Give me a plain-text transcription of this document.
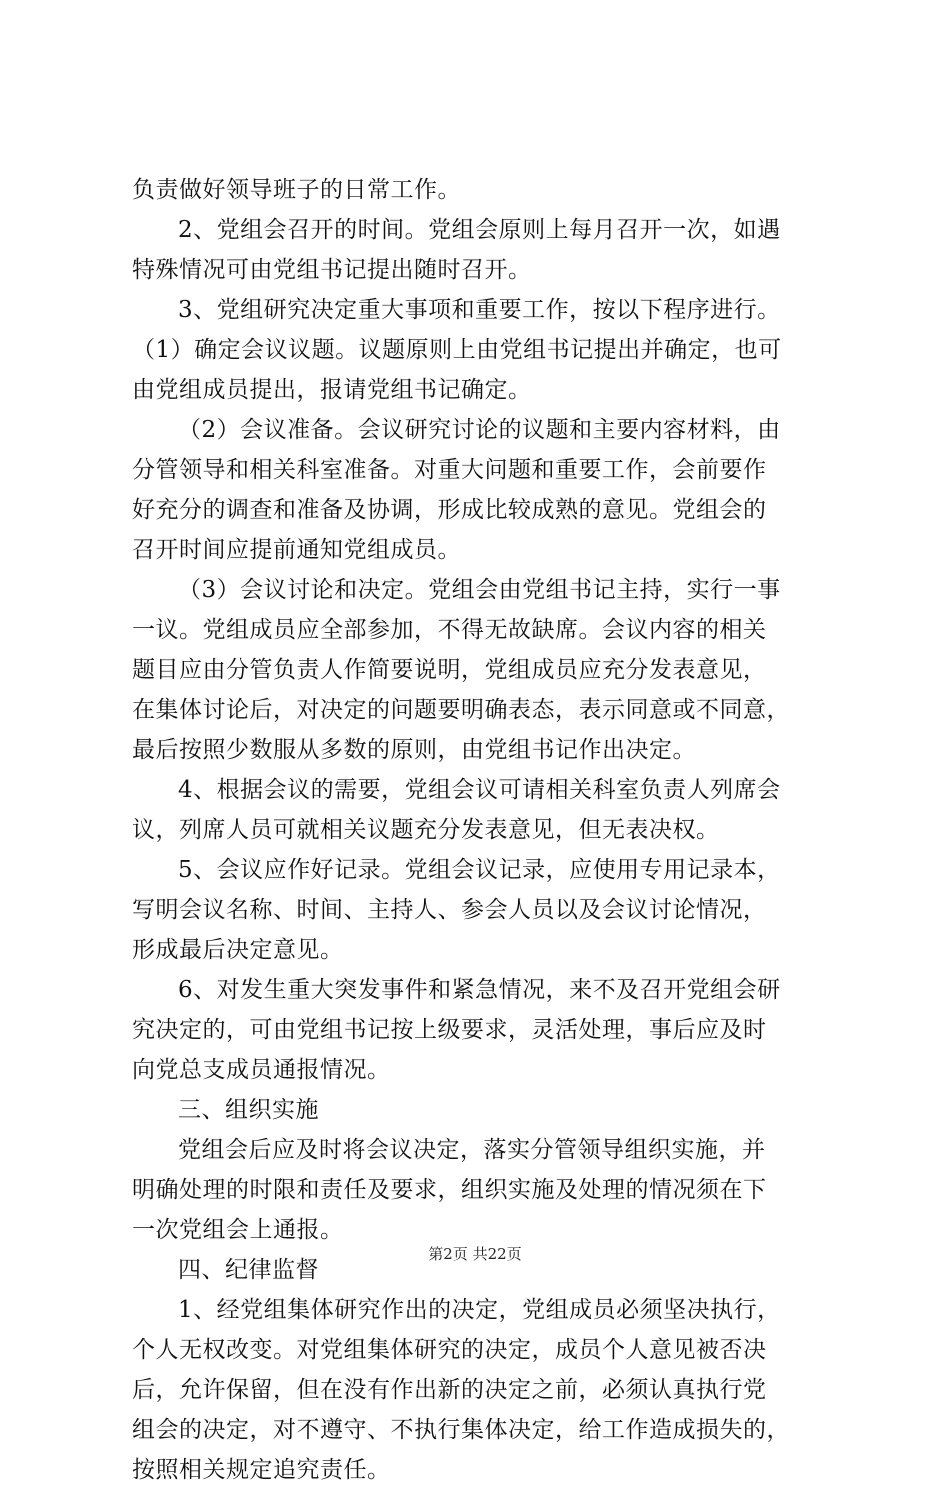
负责做好领导班子的日常工作。
2、党组会召开的时间。党组会原则上每月召开一次，如遇
特殊情况可由党组书记提出随时召开。
3、党组研究决定重大事项和重要工作，按以下程序进行。
（1）确定会议议题。议题原则上由党组书记提出并确定，也可
由党组成员提出，报请党组书记确定。
（2）会议准备。会议研究讨论的议题和主要内容材料，由
分管领导和相关科室准备。对重大问题和重要工作，会前要作
好充分的调查和准备及协调，形成比较成熟的意见。党组会的
召开时间应提前通知党组成员。
（3）会议讨论和决定。党组会由党组书记主持，实行一事
一议。党组成员应全部参加，不得无故缺席。会议内容的相关
题目应由分管负责人作简要说明，党组成员应充分发表意见，
在集体讨论后，对决定的问题要明确表态，表示同意或不同意，
最后按照少数服从多数的原则，由党组书记作出决定。
4、根据会议的需要，党组会议可请相关科室负责人列席会
议，列席人员可就相关议题充分发表意见，但无表决权。
5、会议应作好记录。党组会议记录，应使用专用记录本，
写明会议名称、时间、主持人、参会人员以及会议讨论情况，
形成最后决定意见。
6、对发生重大突发事件和紧急情况，来不及召开党组会研
究决定的，可由党组书记按上级要求，灵活处理，事后应及时
向党总支成员通报情况。
三、组织实施
党组会后应及时将会议决定，落实分管领导组织实施，并
明确处理的时限和责任及要求，组织实施及处理的情况须在下
一次党组会上通报。
四、纪律监督
1、经党组集体研究作出的决定，党组成员必须坚决执行，
个人无权改变。对党组集体研究的决定，成员个人意见被否决
后，允许保留，但在没有作出新的决定之前，必须认真执行党
组会的决定，对不遵守、不执行集体决定，给工作造成损失的，
按照相关规定追究责任。
第2页 共22页
